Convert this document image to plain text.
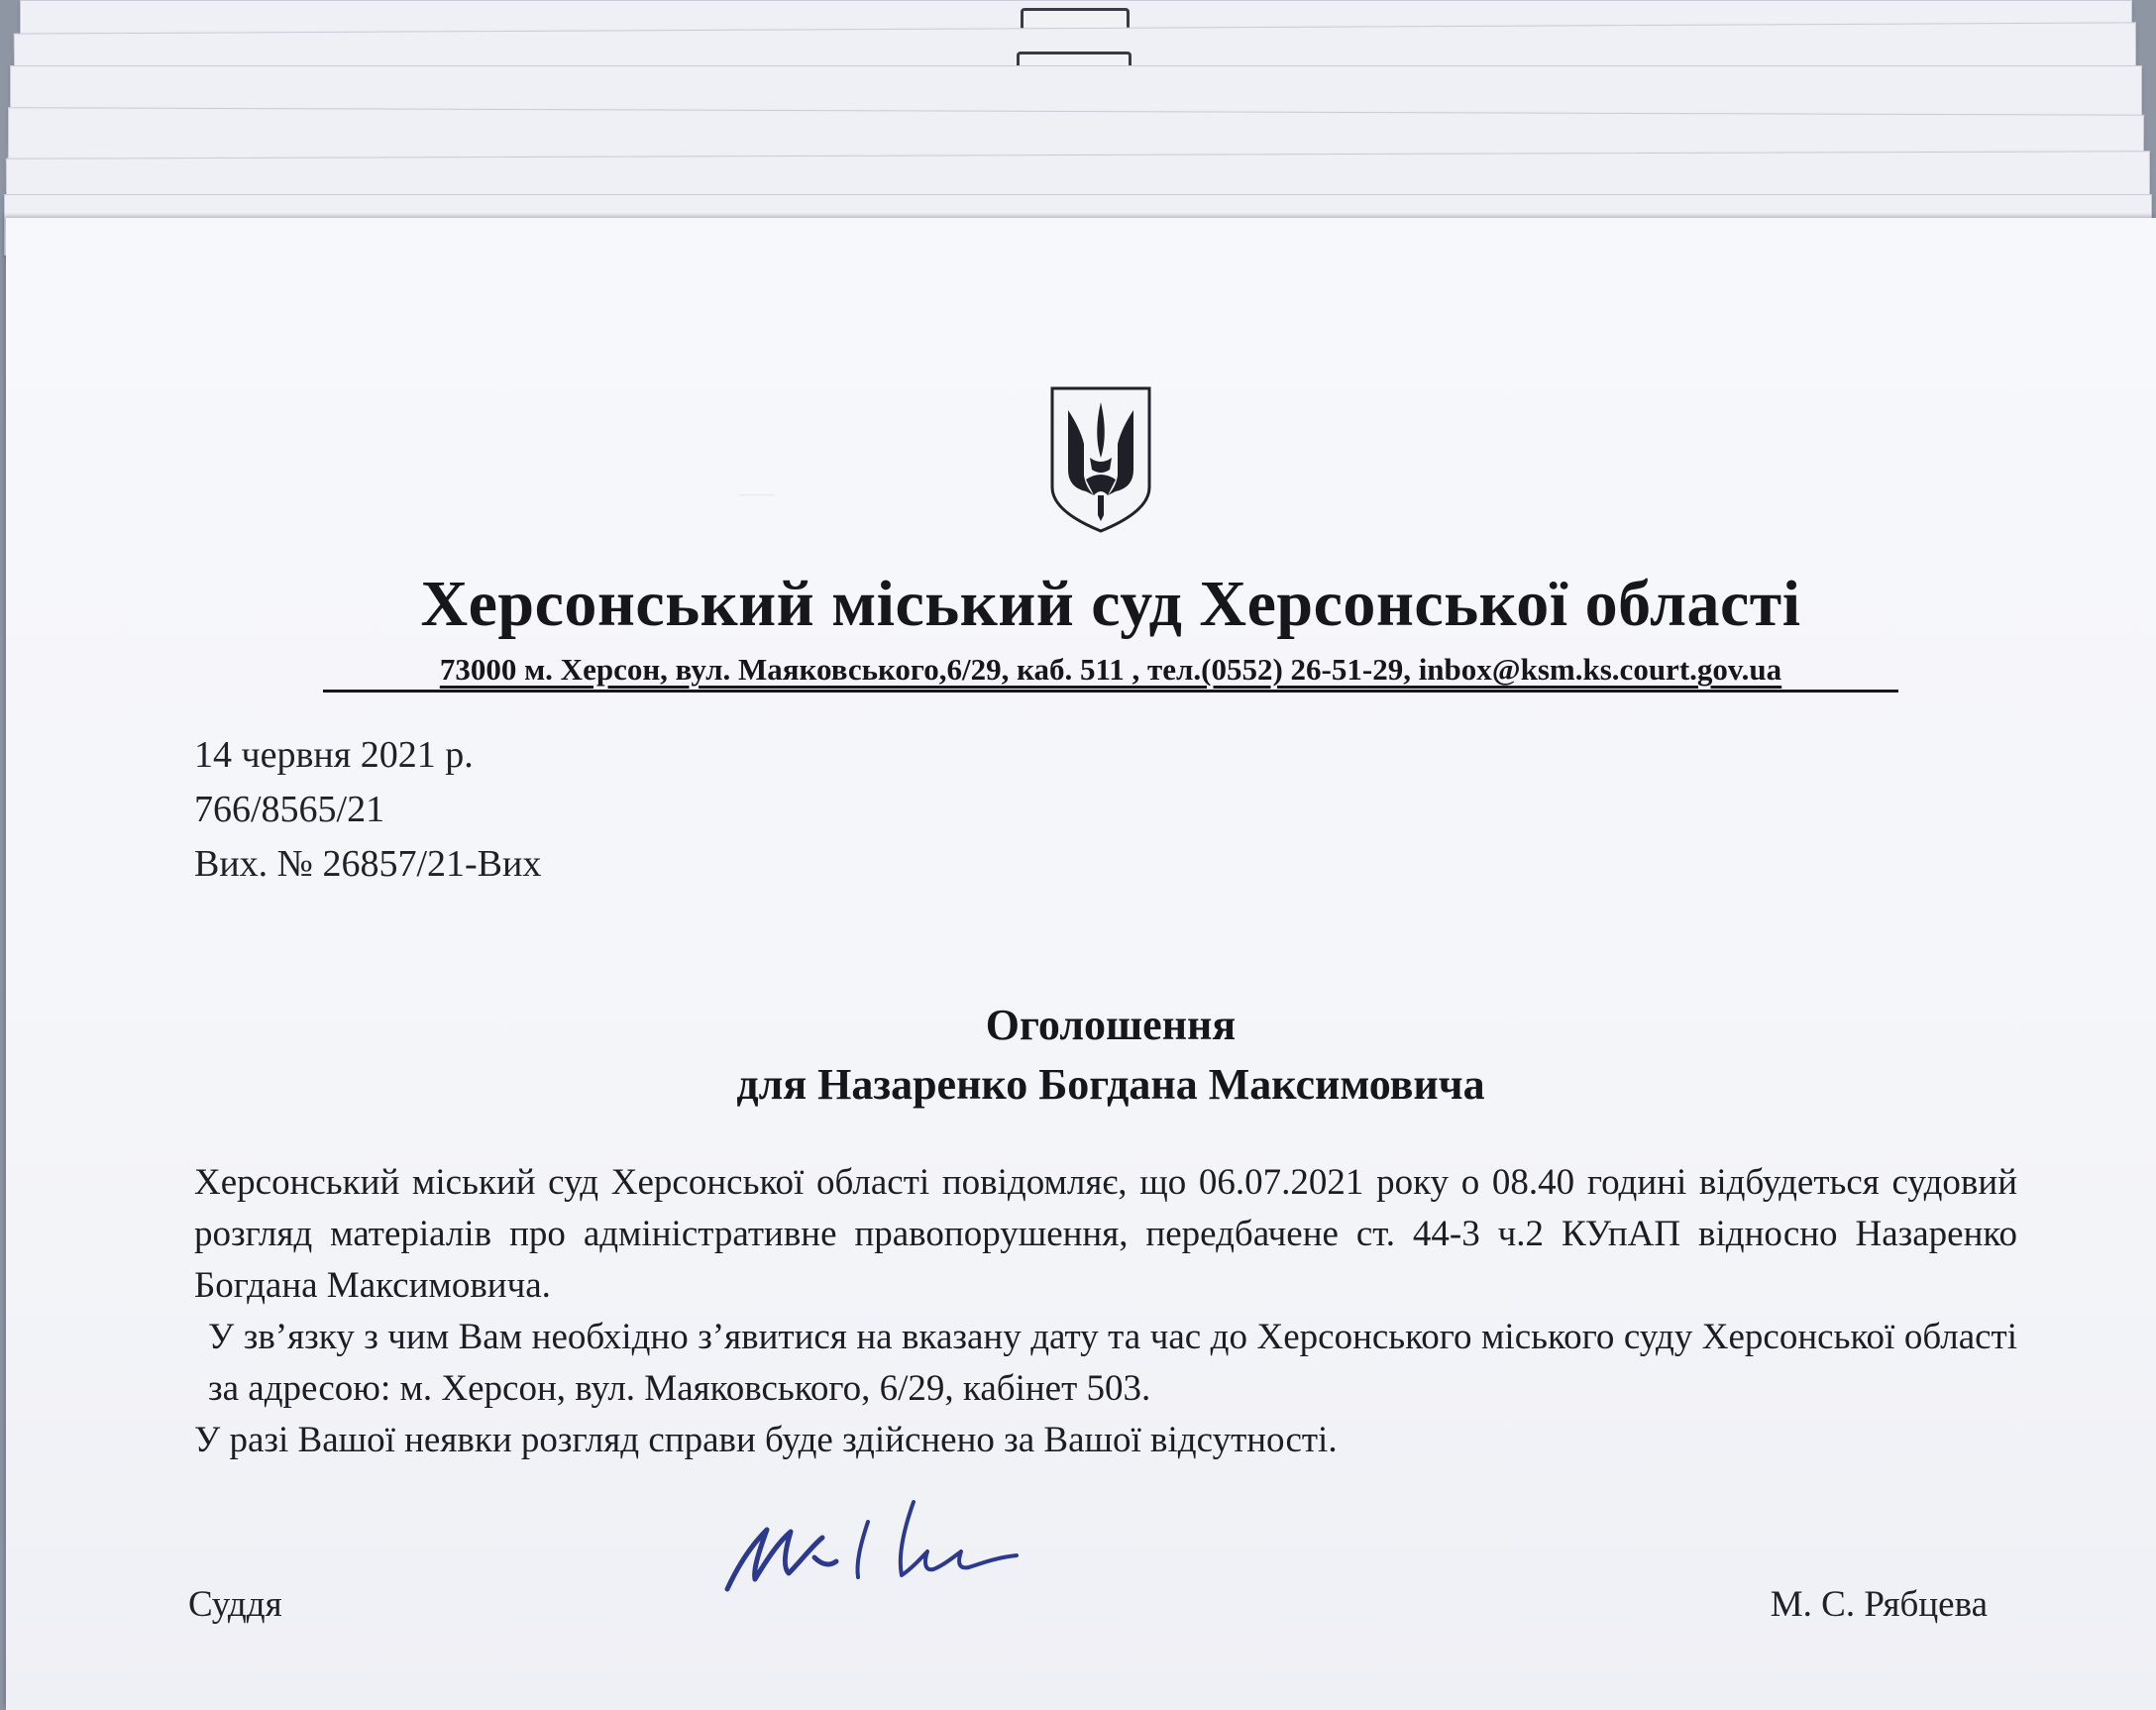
—
Херсонський міський суд Херсонської області
73000 м. Херсон, вул. Маяковського,6/29, каб. 511 , тел.(0552) 26-51-29, inbox@ksm.ks.court.gov.ua
14 червня 2021 р.
766/8565/21
Вих. № 26857/21-Вих
Оголошення
для Назаренко Богдана Максимовича

Херсонський міський суд Херсонської області повідомляє, що 06.07.2021 року о 08.40 годині відбудеться судовий розгляд матеріалів про адміністративне правопорушення, передбачене ст. 44-3 ч.2 КУпАП відносно Назаренко Богдана Максимовича.

У зв’язку з чим Вам необхідно з’явитися на вказану дату та час до Херсонського міського суду Херсонської області за адресою: м. Херсон, вул. Маяковського, 6/29, кабінет 503.

У разі Вашої неявки розгляд справи буде здійснено за Вашої відсутності.

Суддя	М. С. Рябцева
